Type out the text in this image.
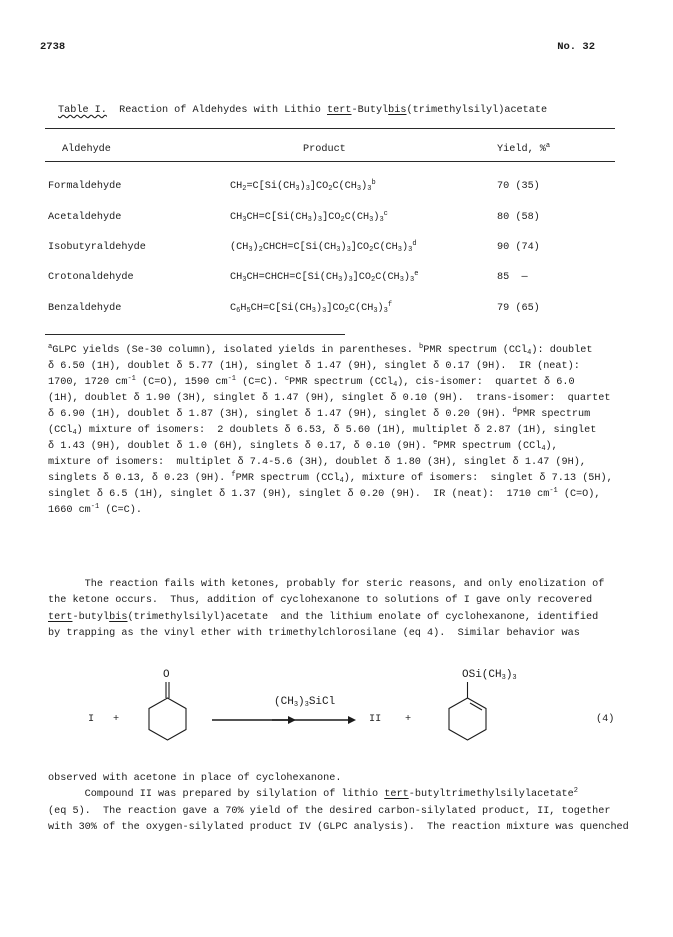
2738	No. 32
Table I.  Reaction of Aldehydes with Lithio tert-Butylbis(trimethylsilyl)acetate
Aldehyde	Product	Yield, %$^a$
Formaldehyde	$CH_2=C[Si(CH_3)_3]CO_2C(CH_3)_3^b$	70 (35)
Acetaldehyde	$CH_3CH=C[Si(CH_3)_3]CO_2C(CH_3)_3^c$	80 (58)
Isobutyraldehyde	$(CH_3)_2CHCH=C[Si(CH_3)_3]CO_2C(CH_3)_3^d$	90 (74)
Crotonaldehyde	$CH_3CH=CHCH=C[Si(CH_3)_3]CO_2C(CH_3)_3^e$	85  —
Benzaldehyde	$C_6H_5CH=C[Si(CH_3)_3]CO_2C(CH_3)_3^f$	79 (65)

$^a$GLPC yields (Se-30 column), isolated yields in parentheses. $^b$PMR spectrum (CCl$_4$): doublet

δ 6.50 (1H), doublet δ 5.77 (1H), singlet δ 1.47 (9H), singlet δ 0.17 (9H).  IR (neat):

1700, 1720 $cm^{-1}$ (C=O), 1590 $cm^{-1}$ (C=C). $^c$PMR spectrum (CCl$_4$), cis-isomer:  quartet δ 6.0

(1H), doublet δ 1.90 (3H), singlet δ 1.47 (9H), singlet δ 0.10 (9H).  trans-isomer:  quartet

δ 6.90 (1H), doublet δ 1.87 (3H), singlet δ 1.47 (9H), singlet δ 0.20 (9H). $^d$PMR spectrum

(CCl$_4$) mixture of isomers:  2 doublets δ 6.53, δ 5.60 (1H), multiplet δ 2.87 (1H), singlet

δ 1.43 (9H), doublet δ 1.0 (6H), singlets δ 0.17, δ 0.10 (9H). $^e$PMR spectrum (CCl$_4$),

mixture of isomers:  multiplet δ 7.4-5.6 (3H), doublet δ 1.80 (3H), singlet δ 1.47 (9H),

singlets δ 0.13, δ 0.23 (9H). $^f$PMR spectrum (CCl$_4$), mixture of isomers:  singlet δ 7.13 (5H),

singlet δ 6.5 (1H), singlet δ 1.37 (9H), singlet δ 0.20 (9H).  IR (neat):  1710 $cm^{-1}$ (C=O),

1660 $cm^{-1}$ (C=C).

The reaction fails with ketones, probably for steric reasons, and only enolization of

the ketone occurs.  Thus, addition of cyclohexanone to solutions of I gave only recovered

tert-butylbis(trimethylsilyl)acetate  and the lithium enolate of cyclohexanone, identified

by trapping as the vinyl ether with trimethylchlorosilane (eq 4).  Similar behavior was

I +
O
$(CH_3)_3SiCl$
II +
$OSi(CH_3)_3$
(4)

observed with acetone in place of cyclohexanone.

Compound II was prepared by silylation of lithio tert-butyltrimethylsilylacetate$^2$

(eq 5).  The reaction gave a 70% yield of the desired carbon-silylated product, II, together

with 30% of the oxygen-silylated product IV (GLPC analysis).  The reaction mixture was quenched
